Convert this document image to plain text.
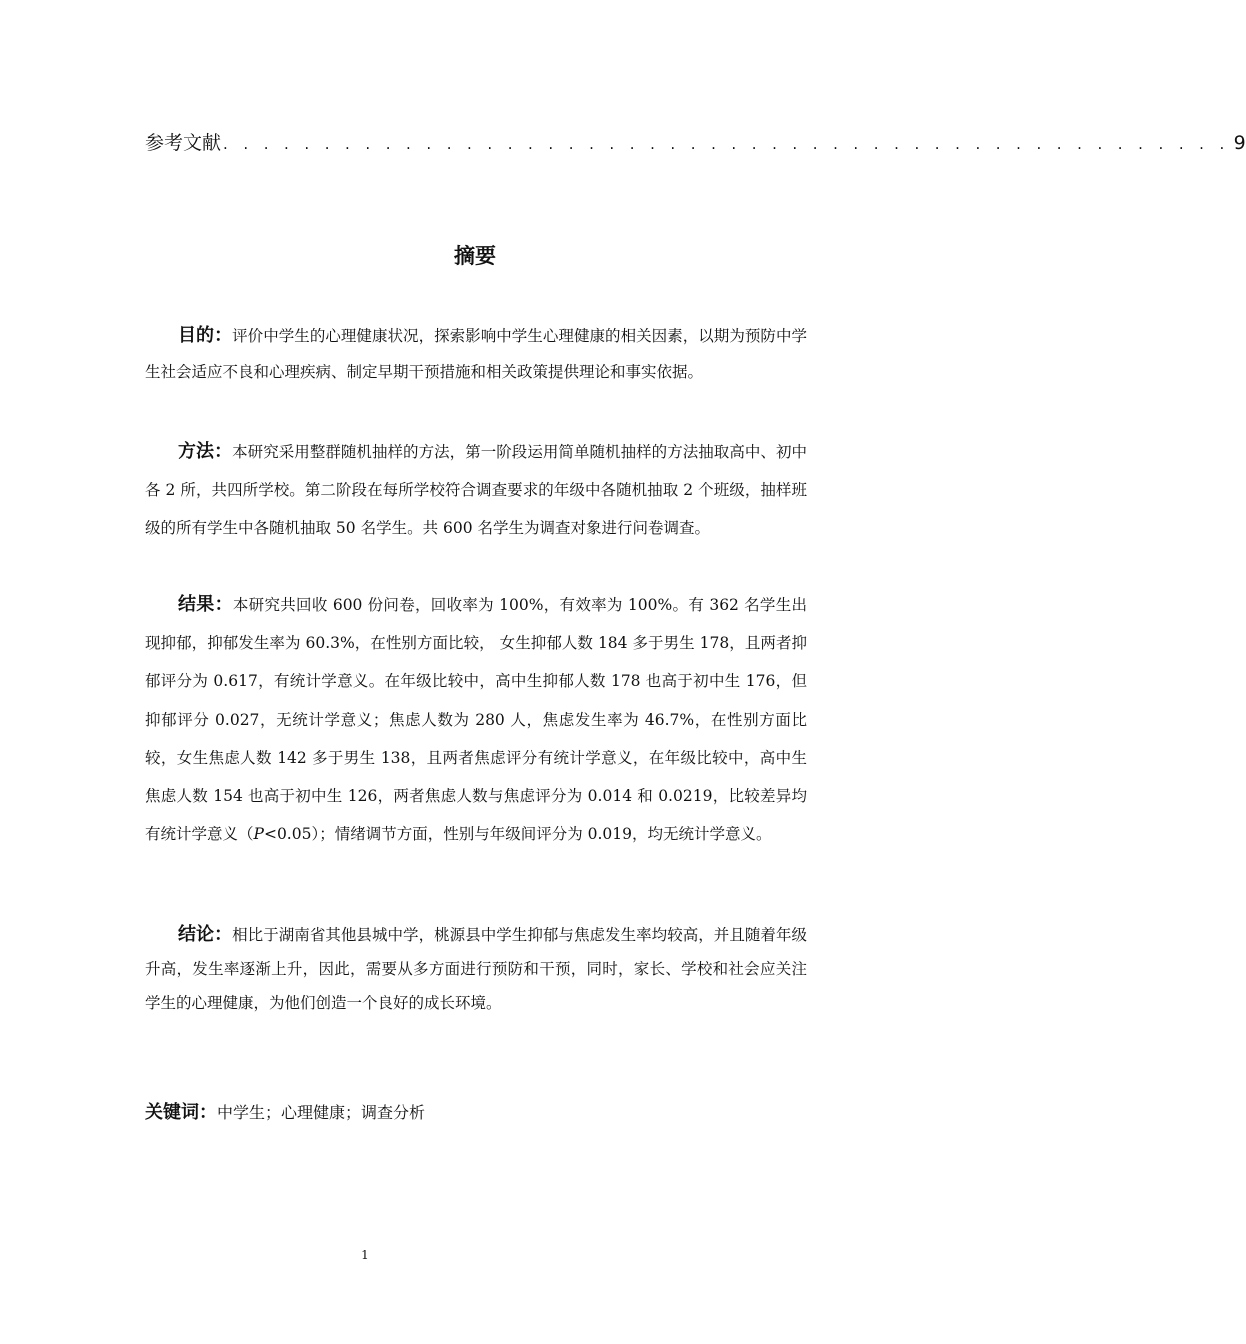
参考文献 . . . . . . . . . . . . . . . . . . . . . . . . . . . . . . . . . . . . . . . . . . . . . . . . . . 9
摘要

目的：评价中学生的心理健康状况，探索影响中学生心理健康的相关因素，以期为预防中学生社会适应不良和心理疾病、制定早期干预措施和相关政策提供理论和事实依据。

方法：本研究采用整群随机抽样的方法，第一阶段运用简单随机抽样的方法抽取高中、初中各 2 所，共四所学校。第二阶段在每所学校符合调查要求的年级中各随机抽取 2 个班级，抽样班级的所有学生中各随机抽取 50 名学生。共 600 名学生为调查对象进行问卷调查。

结果：本研究共回收 600 份问卷，回收率为 100%，有效率为 100%。有 362 名学生出现抑郁，抑郁发生率为 60.3%，在性别方面比较， 女生抑郁人数 184 多于男生 178，且两者抑郁评分为 0.617，有统计学意义。在年级比较中，高中生抑郁人数 178 也高于初中生 176，但抑郁评分 0.027，无统计学意义；焦虑人数为 280 人，焦虑发生率为 46.7%，在性别方面比较，女生焦虑人数 142 多于男生 138，且两者焦虑评分有统计学意义，在年级比较中，高中生焦虑人数 154 也高于初中生 126，两者焦虑人数与焦虑评分为 0.014 和 0.0219，比较差异均有统计学意义（P<0.05）；情绪调节方面，性别与年级间评分为 0.019，均无统计学意义。

结论：相比于湖南省其他县城中学，桃源县中学生抑郁与焦虑发生率均较高，并且随着年级升高，发生率逐渐上升，因此，需要从多方面进行预防和干预，同时，家长、学校和社会应关注学生的心理健康，为他们创造一个良好的成长环境。

关键词：中学生；心理健康；调查分析
1
